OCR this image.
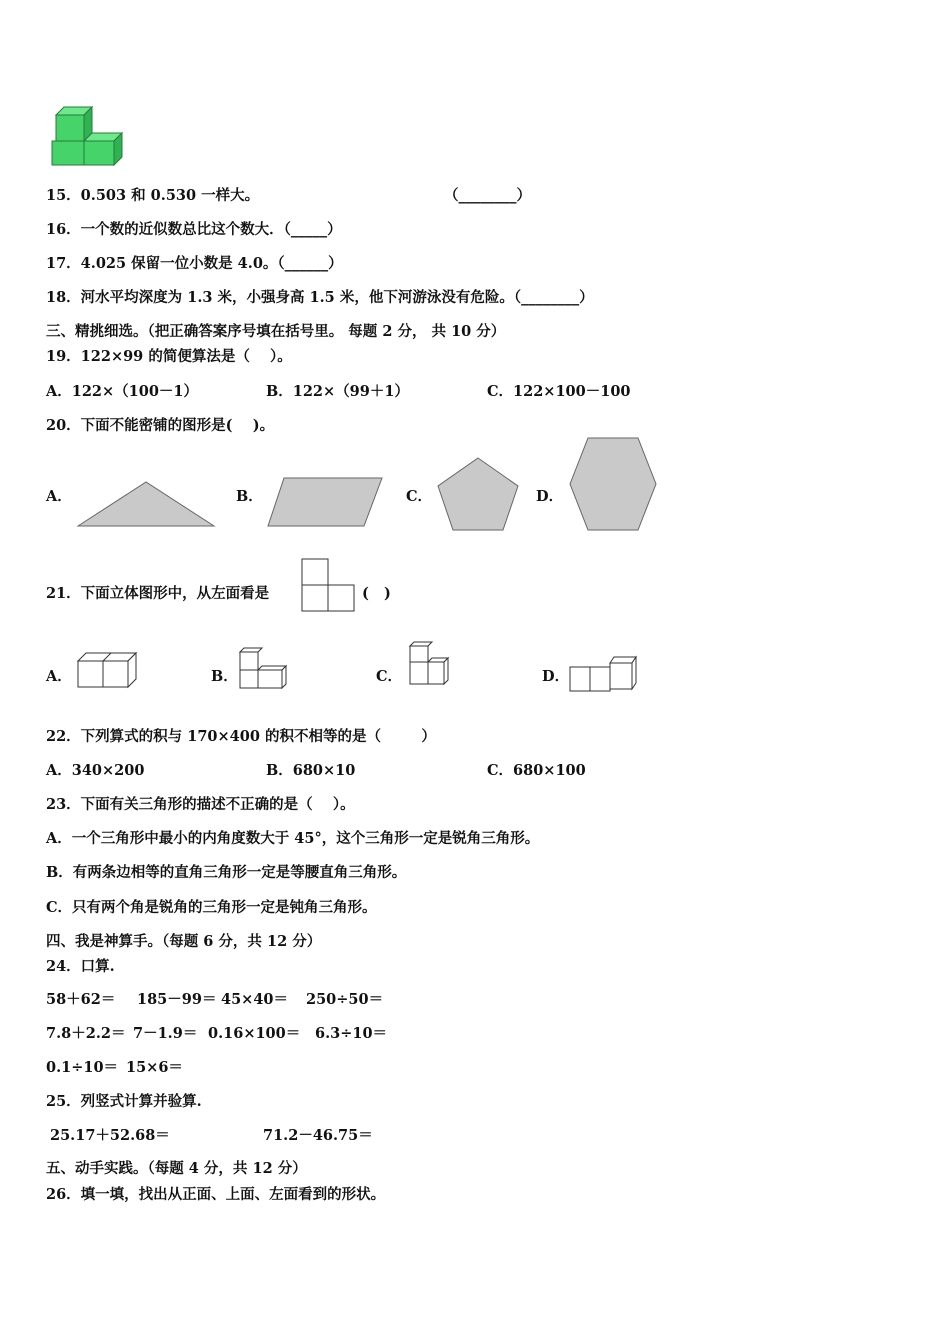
15．0.503 和 0.530 一样大。	（________）
16．一个数的近似数总比这个数大．（_____）
17．4.025 保留一位小数是 4.0。（______）
18．河水平均深度为 1.3 米，小强身高 1.5 米，他下河游泳没有危险。（________）
三、精挑细选。（把正确答案序号填在括号里。 每题 2 分， 共 10 分）
19．122×99 的简便算法是（    ）。
A．122×（100－1）	B．122×（99＋1）	C．122×100－100
20．下面不能密铺的图形是(    )。
A．	B．	C．	D．
21．下面立体图形中，从左面看是	(   )
A．	B．	C．	D．
22．下列算式的积与 170×400 的积不相等的是（        ）
A．340×200	B．680×10	C．680×100
23．下面有关三角形的描述不正确的是（    ）。
A．一个三角形中最小的内角度数大于 45°，这个三角形一定是锐角三角形。
B．有两条边相等的直角三角形一定是等腰直角三角形。
C．只有两个角是锐角的三角形一定是钝角三角形。
四、我是神算手。（每题 6 分，共 12 分）
24．口算.
58＋62＝ 185－99＝ 45×40＝ 250÷50＝
7.8＋2.2＝ 7－1.9＝ 0.16×100＝ 6.3÷10＝
0.1÷10＝ 15×6＝
25．列竖式计算并验算.
25.17＋52.68＝	71.2－46.75＝
五、动手实践。（每题 4 分，共 12 分）
26．填一填，找出从正面、上面、左面看到的形状。
